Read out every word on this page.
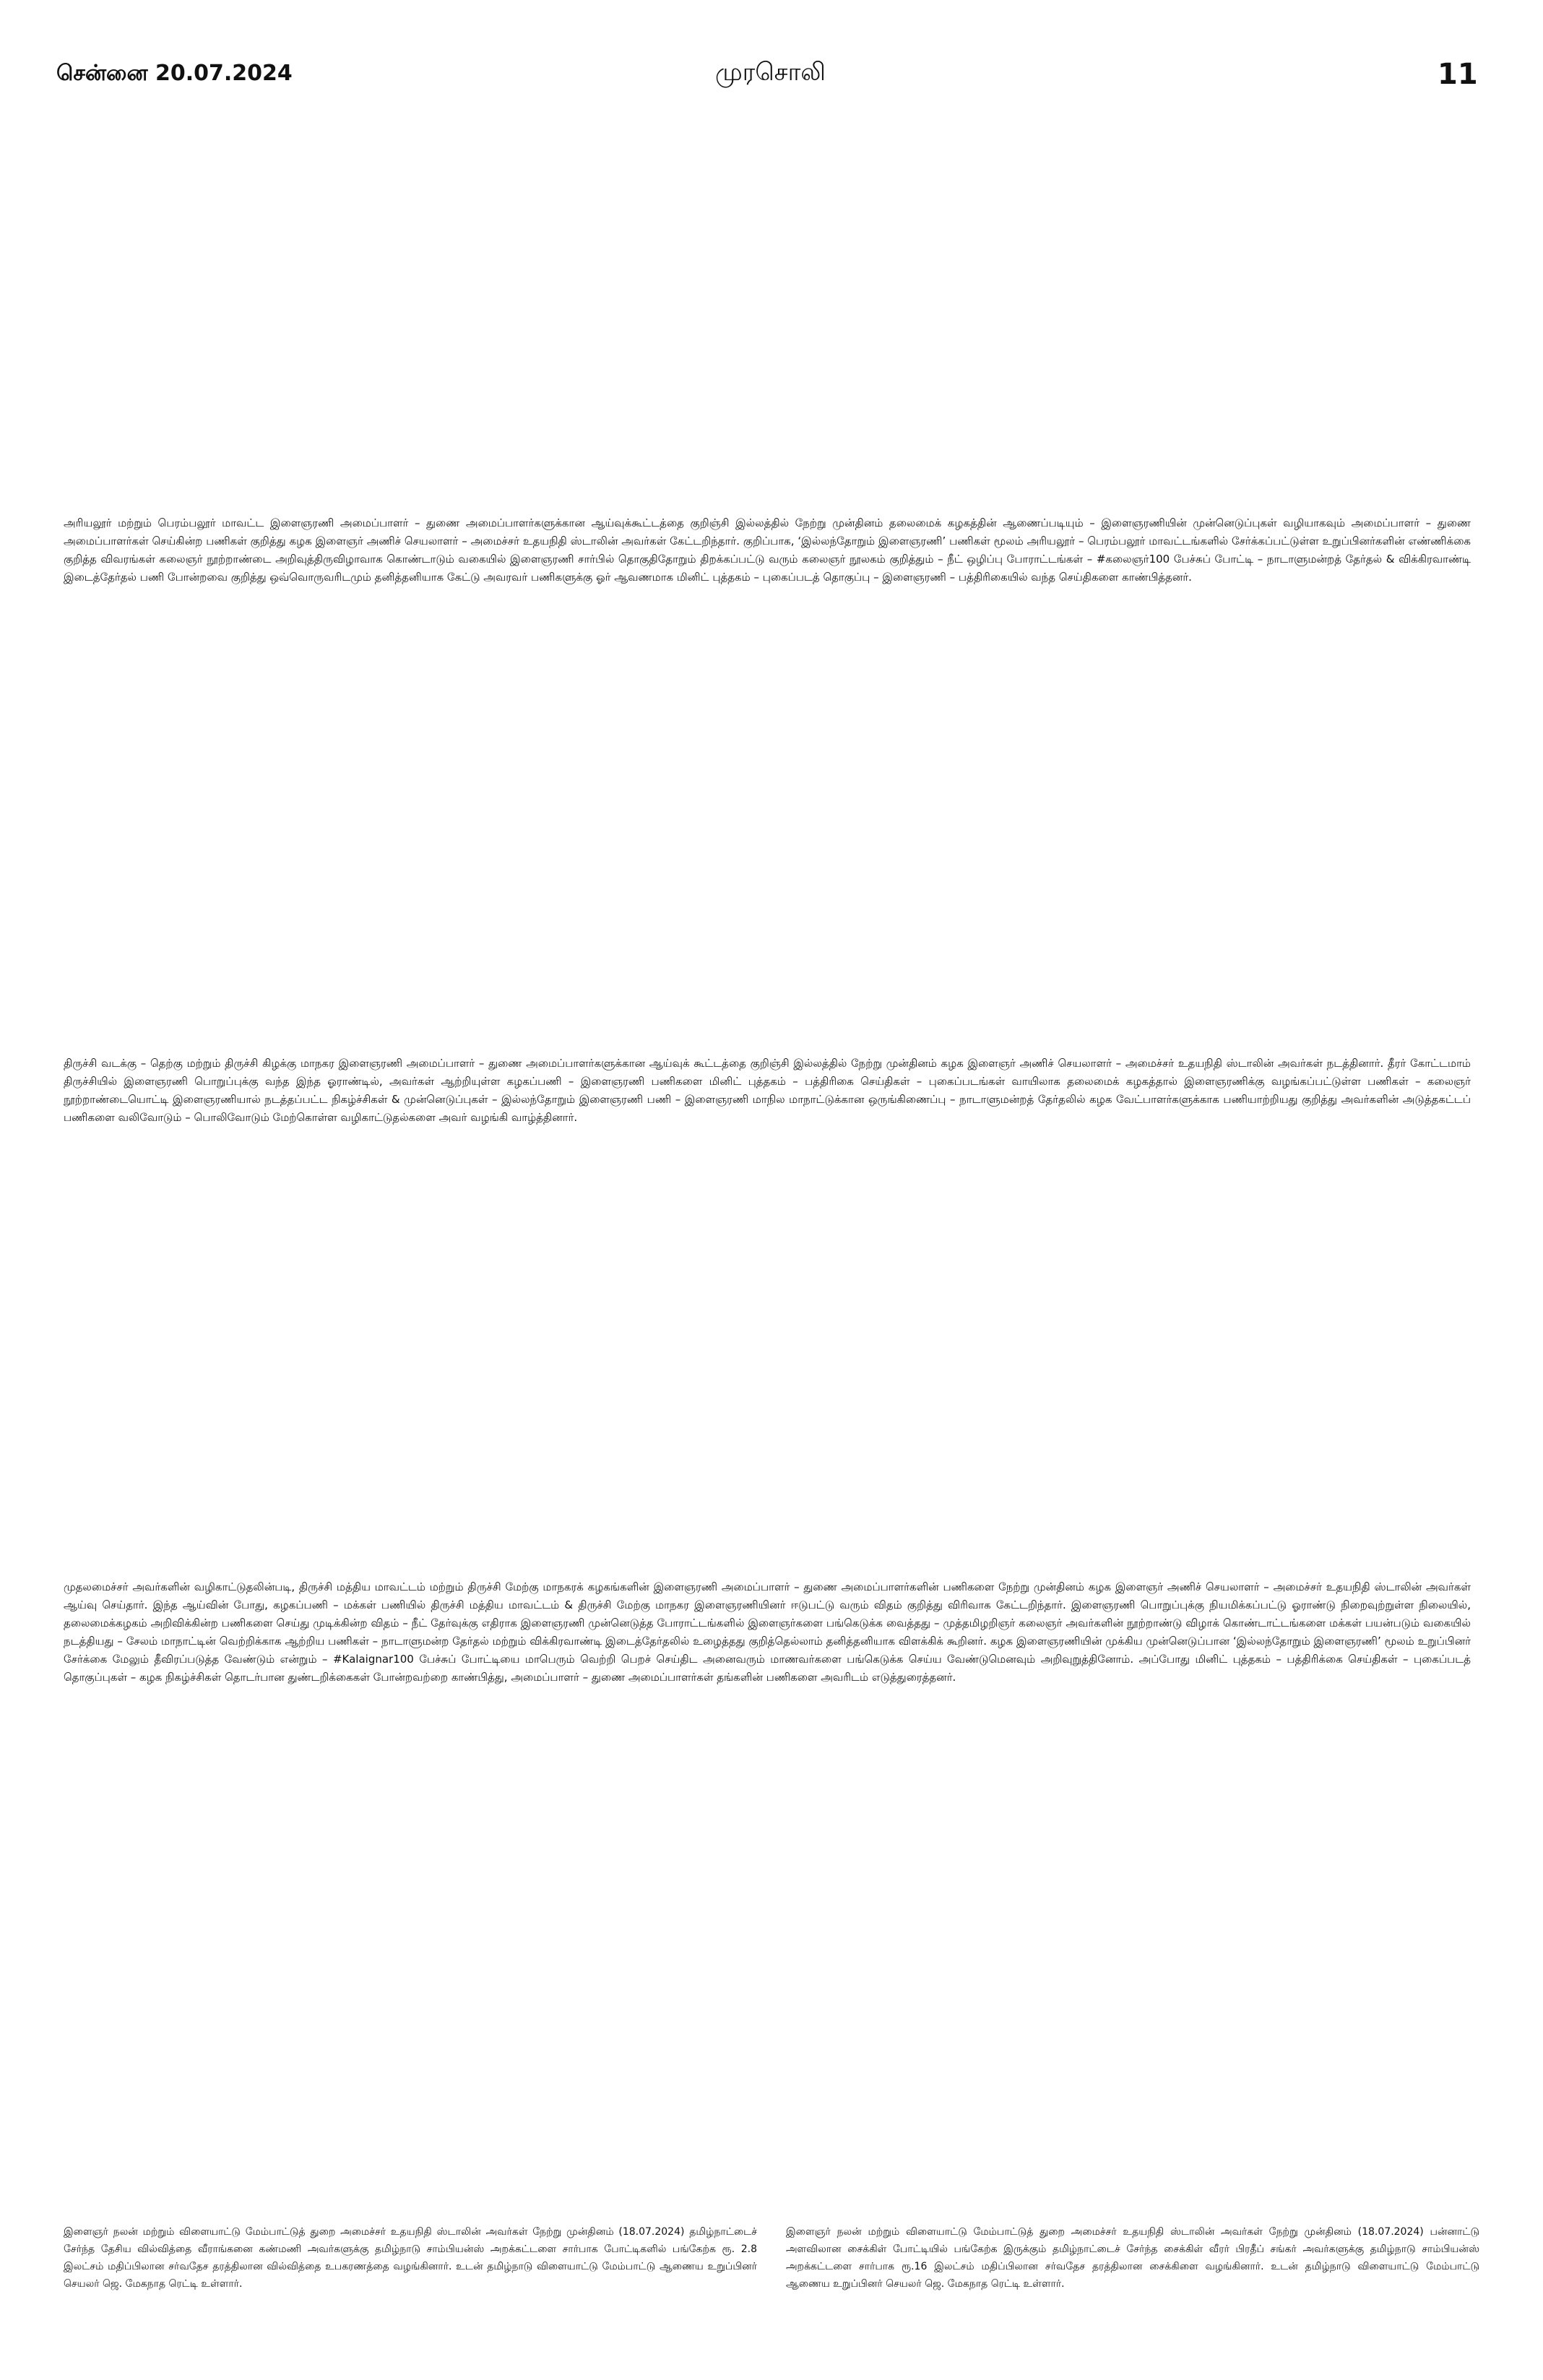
சென்னை 20.07.2024	முரசொலி	11

அரியலூர் மற்றும் பெரம்பலூர் மாவட்ட இளைஞரணி அமைப்பாளர் – துணை அமைப்பாளர்களுக்கான ஆய்வுக்கூட்டத்தை குறிஞ்சி இல்லத்தில் நேற்று முன்தினம் தலைமைக் கழகத்தின் ஆணைப்படியும் – இளைஞரணியின் முன்னெடுப்புகள் வழியாகவும் அமைப்பாளர் – துணை அமைப்பாளர்கள் செய்கின்ற பணிகள் குறித்து கழக இளைஞர் அணிச் செயலாளர் – அமைச்சர் உதயநிதி ஸ்டாலின் அவர்கள் கேட்டறிந்தார். குறிப்பாக, ‘இல்லந்தோறும் இளைஞரணி’ பணிகள் மூலம் அரியலூர் – பெரம்பலூர் மாவட்டங்களில் சேர்க்கப்பட்டுள்ள உறுப்பினர்களின் எண்ணிக்கை குறித்த விவரங்கள் கலைஞர் நூற்றாண்டை அறிவுத்திருவிழாவாக கொண்டாடும் வகையில் இளைஞரணி சார்பில் தொகுதிதோறும் திறக்கப்பட்டு வரும் கலைஞர் நூலகம் குறித்தும் – நீட் ஒழிப்பு போராட்டங்கள் – #கலைஞர்100 பேச்சுப் போட்டி – நாடாளுமன்றத் தேர்தல் & விக்கிரவாண்டி இடைத்தேர்தல் பணி போன்றவை குறித்து ஒவ்வொருவரிடமும் தனித்தனியாக கேட்டு அவரவர் பணிகளுக்கு ஓர் ஆவணமாக மினிட் புத்தகம் – புகைப்படத் தொகுப்பு – இளைஞரணி – பத்திரிகையில் வந்த செய்திகளை காண்பித்தனர்.

திருச்சி வடக்கு – தெற்கு மற்றும் திருச்சி கிழக்கு மாநகர இளைஞரணி அமைப்பாளர் – துணை அமைப்பாளர்களுக்கான ஆய்வுக் கூட்டத்தை குறிஞ்சி இல்லத்தில் நேற்று முன்தினம் கழக இளைஞர் அணிச் செயலாளர் – அமைச்சர் உதயநிதி ஸ்டாலின் அவர்கள் நடத்தினார். தீரர் கோட்டமாம் திருச்சியில் இளைஞரணி பொறுப்புக்கு வந்த இந்த ஓராண்டில், அவர்கள் ஆற்றியுள்ள கழகப்பணி – இளைஞரணி பணிகளை மினிட் புத்தகம் – பத்திரிகை செய்திகள் – புகைப்படங்கள் வாயிலாக தலைமைக் கழகத்தால் இளைஞரணிக்கு வழங்கப்பட்டுள்ள பணிகள் – கலைஞர் நூற்றாண்டையொட்டி இளைஞரணியால் நடத்தப்பட்ட நிகழ்ச்சிகள் & முன்னெடுப்புகள் – இல்லந்தோறும் இளைஞரணி பணி – இளைஞரணி மாநில மாநாட்டுக்கான ஒருங்கிணைப்பு – நாடாளுமன்றத் தேர்தலில் கழக வேட்பாளர்களுக்காக பணியாற்றியது குறித்து அவர்களின் அடுத்தகட்டப் பணிகளை வலிவோடும் – பொலிவோடும் மேற்கொள்ள வழிகாட்டுதல்களை அவர் வழங்கி வாழ்த்தினார்.

முதலமைச்சர் அவர்களின் வழிகாட்டுதலின்படி, திருச்சி மத்திய மாவட்டம் மற்றும் திருச்சி மேற்கு மாநகரக் கழகங்களின் இளைஞரணி அமைப்பாளர் – துணை அமைப்பாளர்களின் பணிகளை நேற்று முன்தினம் கழக இளைஞர் அணிச் செயலாளர் – அமைச்சர் உதயநிதி ஸ்டாலின் அவர்கள் ஆய்வு செய்தார். இந்த ஆய்வின் போது, கழகப்பணி – மக்கள் பணியில் திருச்சி மத்திய மாவட்டம் & திருச்சி மேற்கு மாநகர இளைஞரணியினர் ஈடுபட்டு வரும் விதம் குறித்து விரிவாக கேட்டறிந்தார். இளைஞரணி பொறுப்புக்கு நியமிக்கப்பட்டு ஓராண்டு நிறைவுற்றுள்ள நிலையில், தலைமைக்கழகம் அறிவிக்கின்ற பணிகளை செய்து முடிக்கின்ற விதம் – நீட் தேர்வுக்கு எதிராக இளைஞரணி முன்னெடுத்த போராட்டங்களில் இளைஞர்களை பங்கெடுக்க வைத்தது – முத்தமிழறிஞர் கலைஞர் அவர்களின் நூற்றாண்டு விழாக் கொண்டாட்டங்களை மக்கள் பயன்படும் வகையில் நடத்தியது – சேலம் மாநாட்டின் வெற்றிக்காக ஆற்றிய பணிகள் – நாடாளுமன்ற தேர்தல் மற்றும் விக்கிரவாண்டி இடைத்தேர்தலில் உழைத்தது குறித்தெல்லாம் தனித்தனியாக விளக்கிக் கூறினர். கழக இளைஞரணியின் முக்கிய முன்னெடுப்பான ‘இல்லந்தோறும் இளைஞரணி’ மூலம் உறுப்பினர் சேர்க்கை மேலும் தீவிரப்படுத்த வேண்டும் என்றும் – #Kalaignar100 பேச்சுப் போட்டியை மாபெரும் வெற்றி பெறச் செய்திட அனைவரும் மாணவர்களை பங்கெடுக்க செய்ய வேண்டுமெனவும் அறிவுறுத்தினோம். அப்போது மினிட் புத்தகம் – பத்திரிக்கை செய்திகள் – புகைப்படத் தொகுப்புகள் – கழக நிகழ்ச்சிகள் தொடர்பான துண்டறிக்கைகள் போன்றவற்றை காண்பித்து, அமைப்பாளர் – துணை அமைப்பாளர்கள் தங்களின் பணிகளை அவரிடம் எடுத்துரைத்தனர்.

இளைஞர் நலன் மற்றும் விளையாட்டு மேம்பாட்டுத் துறை அமைச்சர் உதயநிதி ஸ்டாலின் அவர்கள் நேற்று முன்தினம் (18.07.2024) தமிழ்நாட்டைச் சேர்ந்த தேசிய வில்வித்தை வீராங்கனை கண்மணி அவர்களுக்கு தமிழ்நாடு சாம்பியன்ஸ் அறக்கட்டளை சார்பாக போட்டிகளில் பங்கேற்க ரூ. 2.8 இலட்சம் மதிப்பிலான சர்வதேச தரத்திலான வில்வித்தை உபகரணத்தை வழங்கினார். உடன் தமிழ்நாடு விளையாட்டு மேம்பாட்டு ஆணைய உறுப்பினர் செயலர் ஜெ. மேகநாத ரெட்டி உள்ளார்.

இளைஞர் நலன் மற்றும் விளையாட்டு மேம்பாட்டுத் துறை அமைச்சர் உதயநிதி ஸ்டாலின் அவர்கள் நேற்று முன்தினம் (18.07.2024) பன்னாட்டு அளவிலான சைக்கிள் போட்டியில் பங்கேற்க இருக்கும் தமிழ்நாட்டைச் சேர்ந்த சைக்கிள் வீரர் பிரதீப் சங்கர் அவர்களுக்கு தமிழ்நாடு சாம்பியன்ஸ் அறக்கட்டளை சார்பாக ரூ.16 இலட்சம் மதிப்பிலான சர்வதேச தரத்திலான சைக்கிளை வழங்கினார். உடன் தமிழ்நாடு விளையாட்டு மேம்பாட்டு ஆணைய உறுப்பினர் செயலர் ஜெ. மேகநாத ரெட்டி உள்ளார்.
